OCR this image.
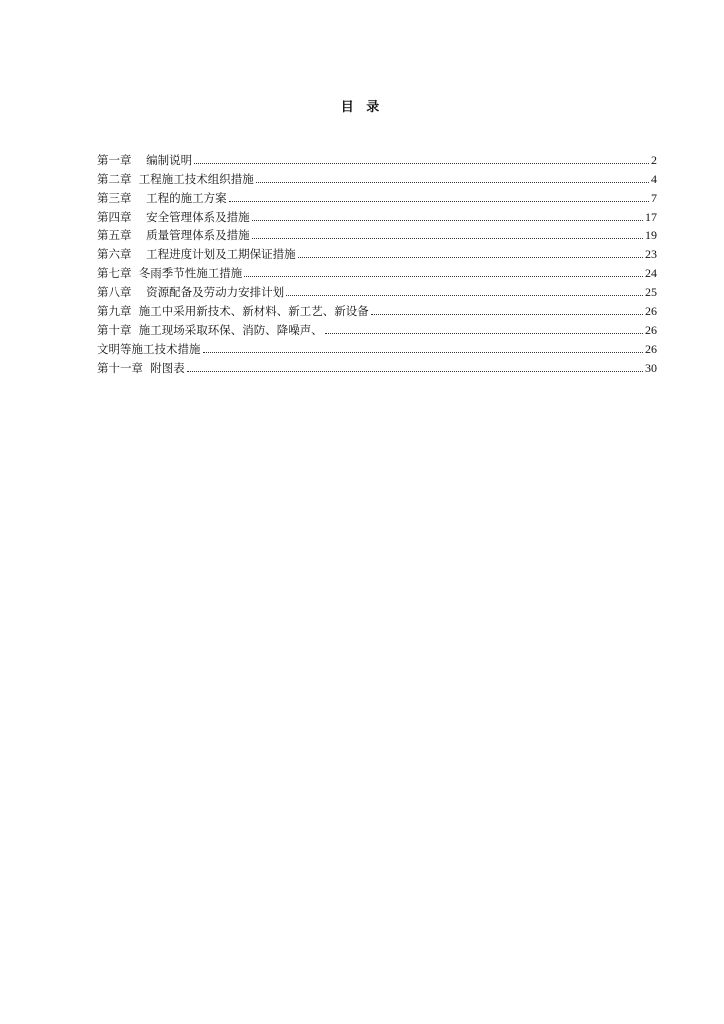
目 录
第一章    编制说明	2
第二章  工程施工技术组织措施	4
第三章    工程的施工方案	7
第四章    安全管理体系及措施	17
第五章    质量管理体系及措施	19
第六章    工程进度计划及工期保证措施	23
第七章  冬雨季节性施工措施	24
第八章    资源配备及劳动力安排计划	25
第九章  施工中采用新技术、新材料、新工艺、新设备	26
第十章  施工现场采取环保、消防、降噪声、	26
文明等施工技术措施	26
第十一章  附图表	30
